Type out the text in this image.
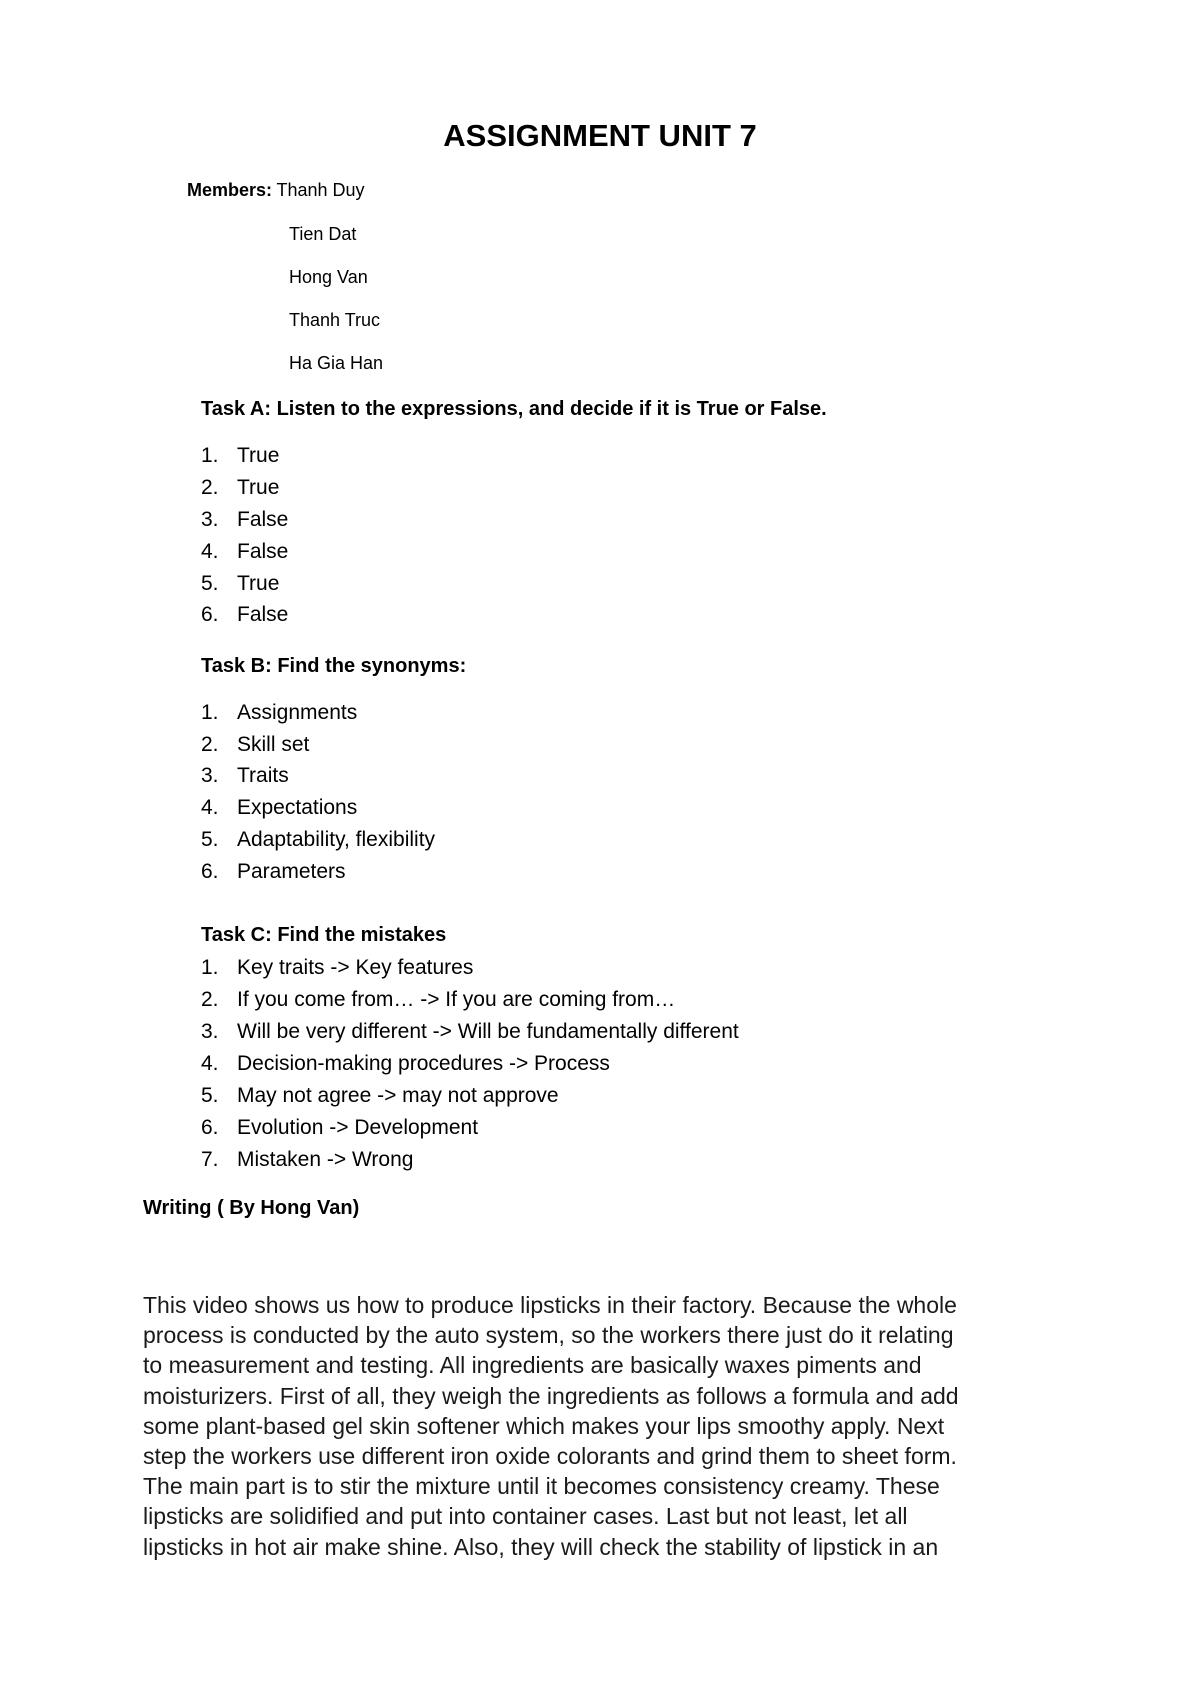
ASSIGNMENT UNIT 7
Members: Thanh Duy
Tien Dat
Hong Van
Thanh Truc
Ha Gia Han
Task A: Listen to the expressions, and decide if it is True or False.
1. True
2. True
3. False
4. False
5. True
6. False
Task B: Find the synonyms:
1. Assignments
2. Skill set
3. Traits
4. Expectations
5. Adaptability, flexibility
6. Parameters
Task C: Find the mistakes
1. Key traits -> Key features
2. If you come from… -> If you are coming from…
3. Will be very different -> Will be fundamentally different
4. Decision-making procedures -> Process
5. May not agree -> may not approve
6. Evolution -> Development
7. Mistaken -> Wrong
Writing ( By Hong Van)
This video shows us how to produce lipsticks in their factory. Because the whole
process is conducted by the auto system, so the workers there just do it relating
to measurement and testing. All ingredients are basically waxes piments and
moisturizers. First of all, they weigh the ingredients as follows a formula and add
some plant-based gel skin softener which makes your lips smoothy apply. Next
step the workers use different iron oxide colorants and grind them to sheet form.
The main part is to stir the mixture until it becomes consistency creamy. These
lipsticks are solidified and put into container cases. Last but not least, let all
lipsticks in hot air make shine. Also, they will check the stability of lipstick in an
